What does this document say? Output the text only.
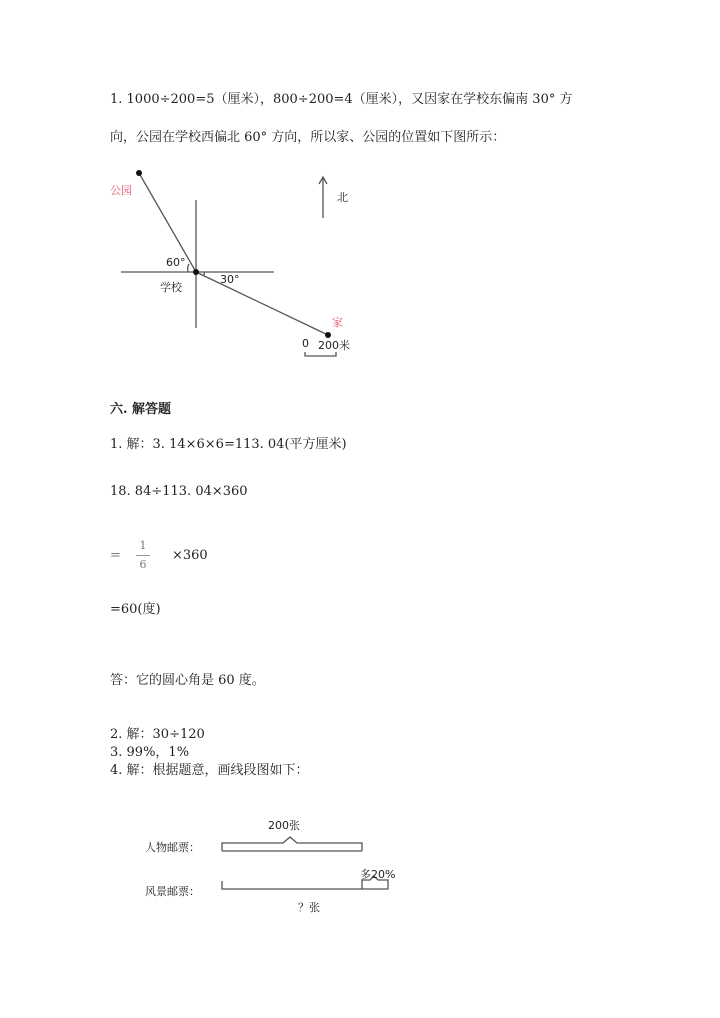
1. 1000÷200=5（厘米），800÷200=4（厘米），又因家在学校东偏南 30° 方
向，公园在学校西偏北 60° 方向，所以家、公园的位置如下图所示：
公园
学校
家
北
60°
30°
0 200米
六. 解答题
1. 解：3. 14×6×6=113. 04(平方厘米)
18. 84÷113. 04×360
=
1
6
×360
=60(度)
答：它的圆心角是 60 度。
2. 解：30÷120
3. 99%，1%
4. 解：根据题意，画线段图如下：
人物邮票：
200张
风景邮票：
多20%
？张
